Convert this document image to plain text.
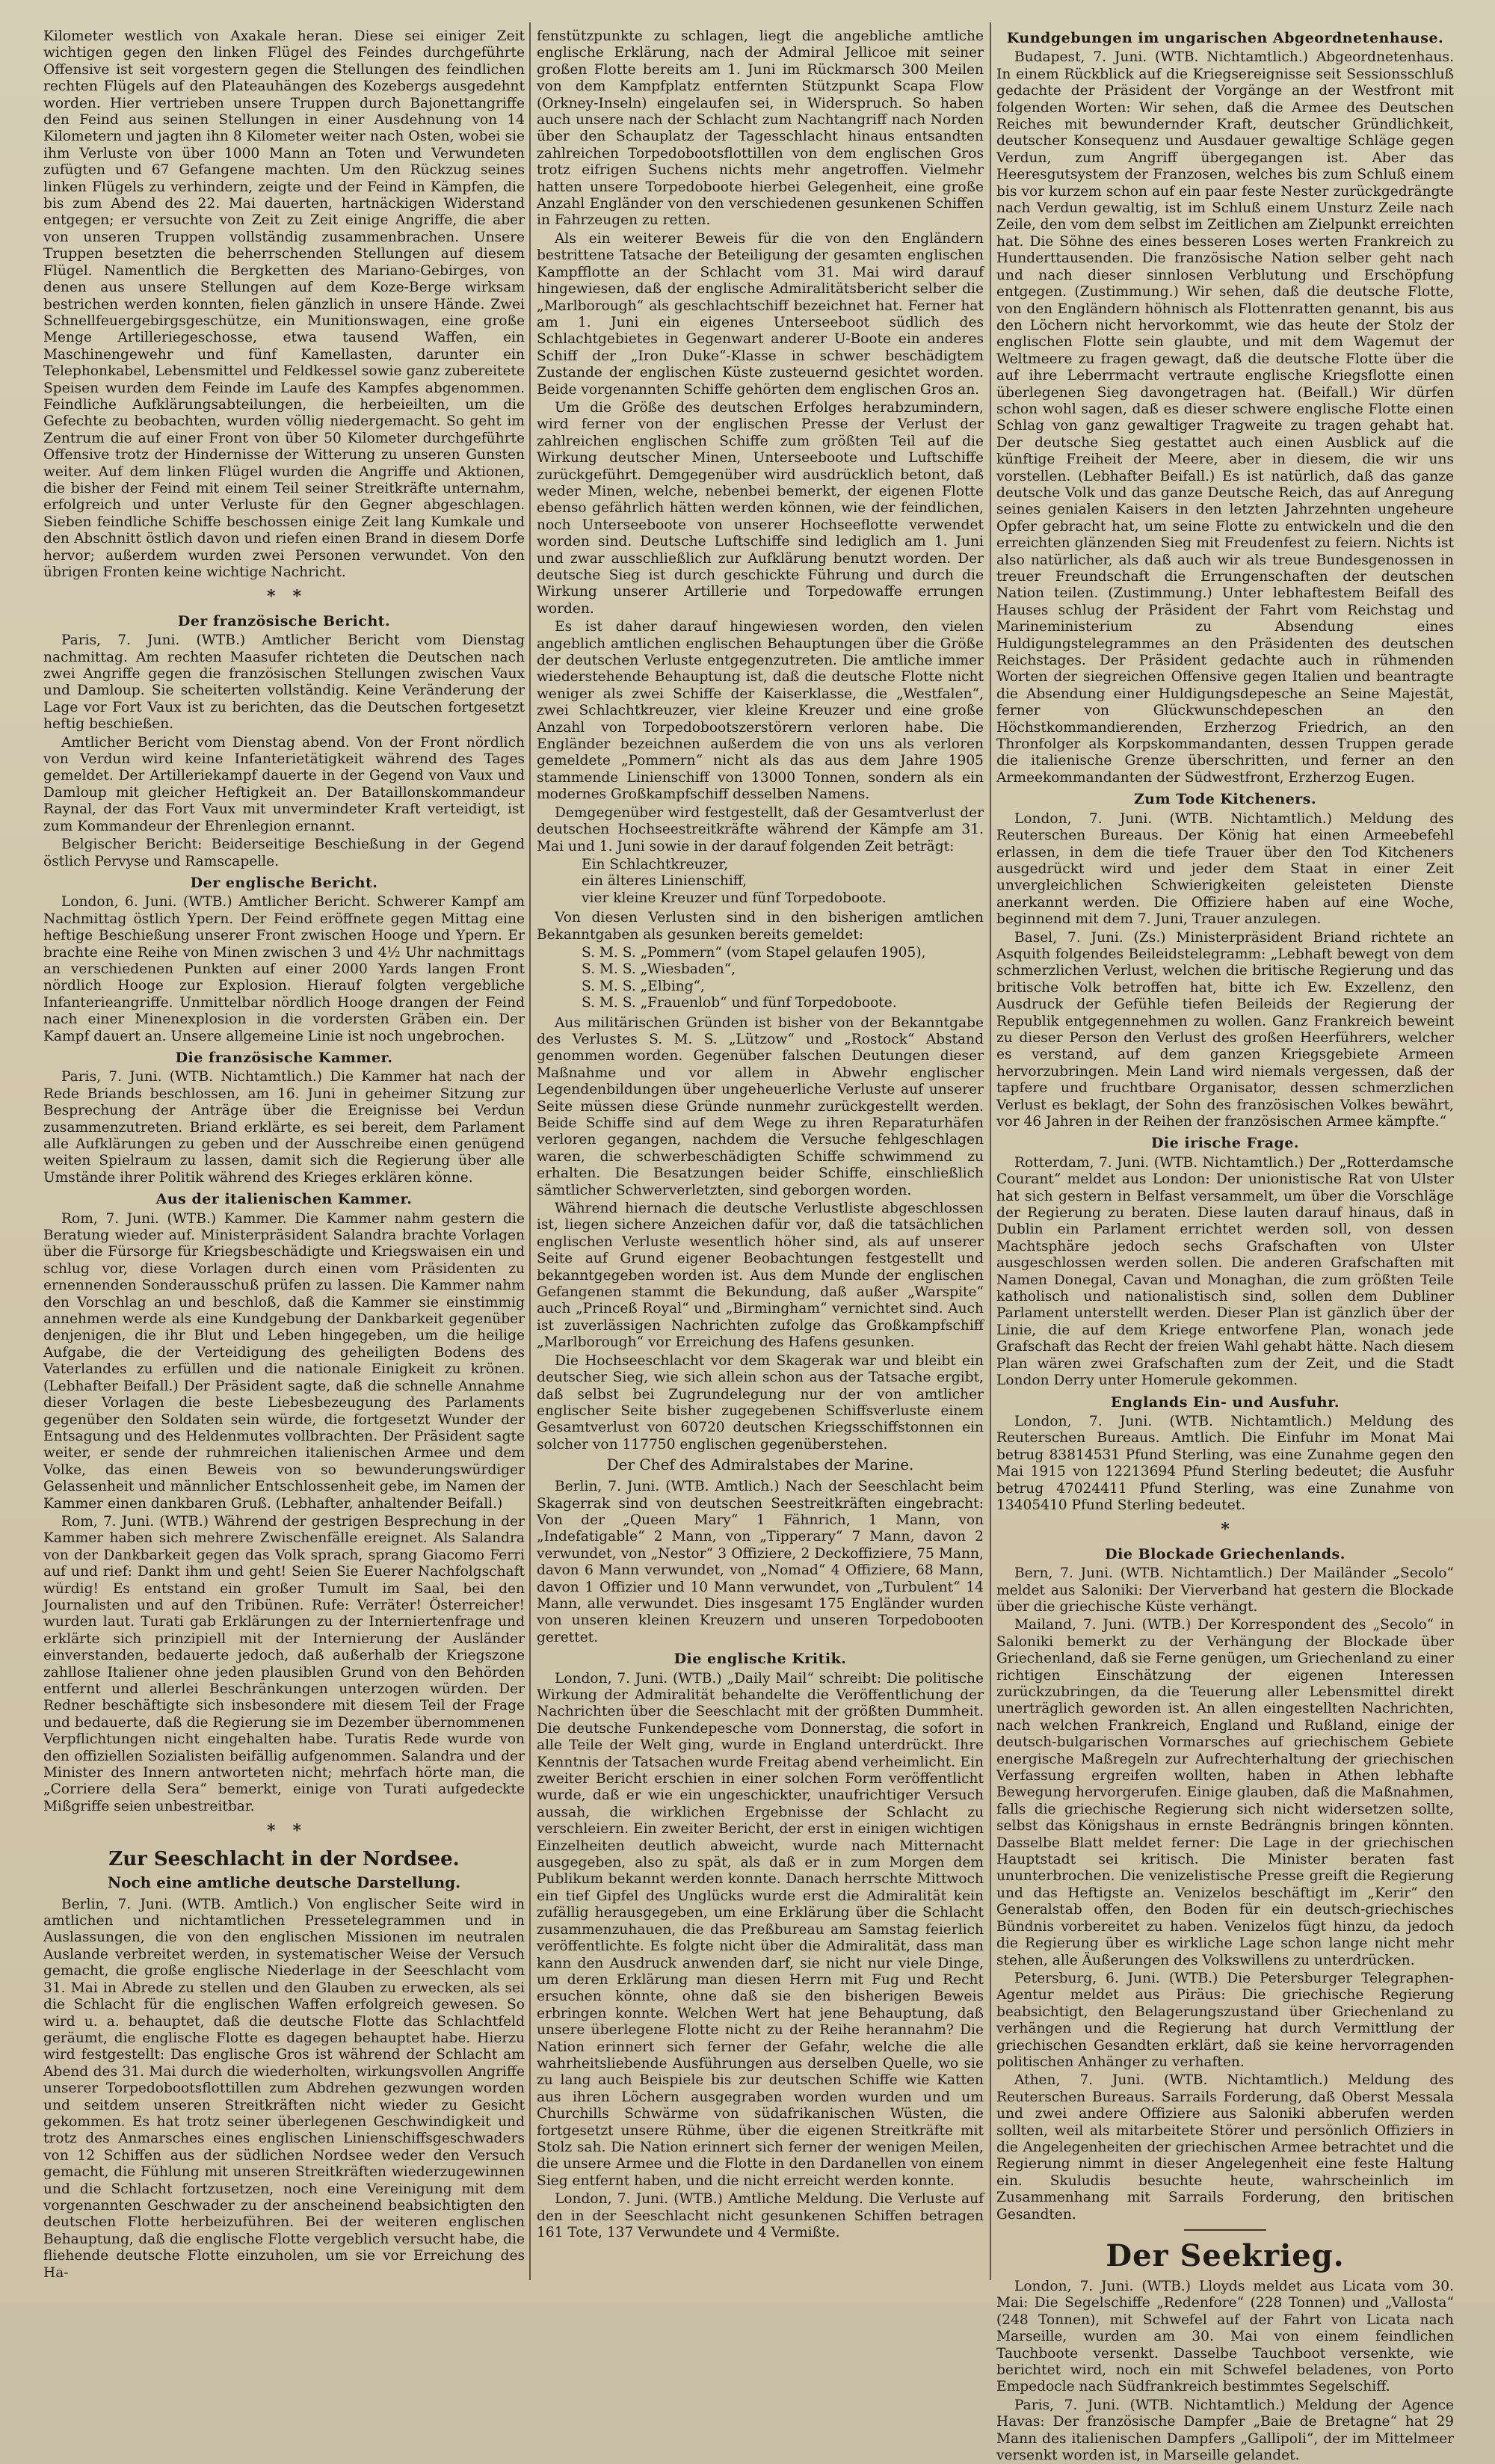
Kilometer westlich von Axakale heran. Diese sei einiger Zeit wichtigen gegen den linken Flügel des Feindes durchgeführte Offensive ist seit vorgestern gegen die Stellungen des feindlichen rechten Flügels auf den Plateauhängen des Kozebergs ausgedehnt worden. Hier vertrieben unsere Truppen durch Bajonettangriffe den Feind aus seinen Stellungen in einer Ausdehnung von 14 Kilometern und jagten ihn 8 Kilometer weiter nach Osten, wobei sie ihm Verluste von über 1000 Mann an Toten und Verwundeten zufügten und 67 Gefangene machten. Um den Rückzug seines linken Flügels zu verhindern, zeigte und der Feind in Kämpfen, die bis zum Abend des 22. Mai dauerten, hartnäckigen Widerstand entgegen; er versuchte von Zeit zu Zeit einige Angriffe, die aber von unseren Truppen vollständig zusammenbrachen. Unsere Truppen besetzten die beherrschenden Stellungen auf diesem Flügel. Namentlich die Bergketten des Mariano-Gebirges, von denen aus unsere Stellungen auf dem Koze-Berge wirksam bestrichen werden konnten, fielen gänzlich in unsere Hände. Zwei Schnellfeuergebirgsgeschütze, ein Munitionswagen, eine große Menge Artilleriegeschosse, etwa tausend Waffen, ein Maschinengewehr und fünf Kamellasten, darunter ein Telephonkabel, Lebensmittel und Feldkessel sowie ganz zubereitete Speisen wurden dem Feinde im Laufe des Kampfes abgenommen. Feindliche Aufklärungsabteilungen, die herbeieilten, um die Gefechte zu beobachten, wurden völlig niedergemacht. So geht im Zentrum die auf einer Front von über 50 Kilometer durchgeführte Offensive trotz der Hindernisse der Witterung zu unseren Gunsten weiter. Auf dem linken Flügel wurden die Angriffe und Aktionen, die bisher der Feind mit einem Teil seiner Streitkräfte unternahm, erfolgreich und unter Verluste für den Gegner abgeschlagen. Sieben feindliche Schiffe beschossen einige Zeit lang Kumkale und den Abschnitt östlich davon und riefen einen Brand in diesem Dorfe hervor; außerdem wurden zwei Personen verwundet. Von den übrigen Fronten keine wichtige Nachricht.

*   *
Der französische Bericht.

Paris, 7. Juni. (WTB.) Amtlicher Bericht vom Dienstag nachmittag. Am rechten Maasufer richteten die Deutschen nach zwei Angriffe gegen die französischen Stellungen zwischen Vaux und Damloup. Sie scheiterten vollständig. Keine Veränderung der Lage vor Fort Vaux ist zu berichten, das die Deutschen fortgesetzt heftig beschießen.

Amtlicher Bericht vom Dienstag abend. Von der Front nördlich von Verdun wird keine Infanterietätigkeit während des Tages gemeldet. Der Artilleriekampf dauerte in der Gegend von Vaux und Damloup mit gleicher Heftigkeit an. Der Bataillonskommandeur Raynal, der das Fort Vaux mit unvermindeter Kraft verteidigt, ist zum Kommandeur der Ehrenlegion ernannt.

Belgischer Bericht: Beiderseitige Beschießung in der Gegend östlich Pervyse und Ramscapelle.

Der englische Bericht.

London, 6. Juni. (WTB.) Amtlicher Bericht. Schwerer Kampf am Nachmittag östlich Ypern. Der Feind eröffnete gegen Mittag eine heftige Beschießung unserer Front zwischen Hooge und Ypern. Er brachte eine Reihe von Minen zwischen 3 und 4½ Uhr nachmittags an verschiedenen Punkten auf einer 2000 Yards langen Front nördlich Hooge zur Explosion. Hierauf folgten vergebliche Infanterieangriffe. Unmittelbar nördlich Hooge drangen der Feind nach einer Minenexplosion in die vordersten Gräben ein. Der Kampf dauert an. Unsere allgemeine Linie ist noch ungebrochen.

Die französische Kammer.

Paris, 7. Juni. (WTB. Nichtamtlich.) Die Kammer hat nach der Rede Briands beschlossen, am 16. Juni in geheimer Sitzung zur Besprechung der Anträge über die Ereignisse bei Verdun zusammenzutreten. Briand erklärte, es sei bereit, dem Parlament alle Aufklärungen zu geben und der Ausschreibe einen genügend weiten Spielraum zu lassen, damit sich die Regierung über alle Umstände ihrer Politik während des Krieges erklären könne.

Aus der italienischen Kammer.

Rom, 7. Juni. (WTB.) Kammer. Die Kammer nahm gestern die Beratung wieder auf. Ministerpräsident Salandra brachte Vorlagen über die Fürsorge für Kriegsbeschädigte und Kriegswaisen ein und schlug vor, diese Vorlagen durch einen vom Präsidenten zu ernennenden Sonderausschuß prüfen zu lassen. Die Kammer nahm den Vorschlag an und beschloß, daß die Kammer sie einstimmig annehmen werde als eine Kundgebung der Dankbarkeit gegenüber denjenigen, die ihr Blut und Leben hingegeben, um die heilige Aufgabe, die der Verteidigung des geheiligten Bodens des Vaterlandes zu erfüllen und die nationale Einigkeit zu krönen. (Lebhafter Beifall.) Der Präsident sagte, daß die schnelle Annahme dieser Vorlagen die beste Liebesbezeugung des Parlaments gegenüber den Soldaten sein würde, die fortgesetzt Wunder der Entsagung und des Heldenmutes vollbrachten. Der Präsident sagte weiter, er sende der ruhmreichen italienischen Armee und dem Volke, das einen Beweis von so bewunderungswürdiger Gelassenheit und männlicher Entschlossenheit gebe, im Namen der Kammer einen dankbaren Gruß. (Lebhafter, anhaltender Beifall.)

Rom, 7. Juni. (WTB.) Während der gestrigen Besprechung in der Kammer haben sich mehrere Zwischenfälle ereignet. Als Salandra von der Dankbarkeit gegen das Volk sprach, sprang Giacomo Ferri auf und rief: Dankt ihm und geht! Seien Sie Euerer Nachfolgschaft würdig! Es entstand ein großer Tumult im Saal, bei den Journalisten und auf den Tribünen. Rufe: Verräter! Österreicher! wurden laut. Turati gab Erklärungen zu der Interniertenfrage und erklärte sich prinzipiell mit der Internierung der Ausländer einverstanden, bedauerte jedoch, daß außerhalb der Kriegszone zahllose Italiener ohne jeden plausiblen Grund von den Behörden entfernt und allerlei Beschränkungen unterzogen würden. Der Redner beschäftigte sich insbesondere mit diesem Teil der Frage und bedauerte, daß die Regierung sie im Dezember übernommenen Verpflichtungen nicht eingehalten habe. Turatis Rede wurde von den offiziellen Sozialisten beifällig aufgenommen. Salandra und der Minister des Innern antworteten nicht; mehrfach hörte man, die „Corriere della Sera“ bemerkt, einige von Turati aufgedeckte Mißgriffe seien unbestreitbar.

*   *
Zur Seeschlacht in der Nordsee.
Noch eine amtliche deutsche Darstellung.

Berlin, 7. Juni. (WTB. Amtlich.) Von englischer Seite wird in amtlichen und nichtamtlichen Pressetelegrammen und in Auslassungen, die von den englischen Missionen im neutralen Auslande verbreitet werden, in systematischer Weise der Versuch gemacht, die große englische Niederlage in der Seeschlacht vom 31. Mai in Abrede zu stellen und den Glauben zu erwecken, als sei die Schlacht für die englischen Waffen erfolgreich gewesen. So wird u. a. behauptet, daß die deutsche Flotte das Schlachtfeld geräumt, die englische Flotte es dagegen behauptet habe. Hierzu wird festgestellt: Das englische Gros ist während der Schlacht am Abend des 31. Mai durch die wiederholten, wirkungsvollen Angriffe unserer Torpedobootsflottillen zum Abdrehen gezwungen worden und seitdem unseren Streitkräften nicht wieder zu Gesicht gekommen. Es hat trotz seiner überlegenen Geschwindigkeit und trotz des Anmarsches eines englischen Linienschiffsgeschwaders von 12 Schiffen aus der südlichen Nordsee weder den Versuch gemacht, die Fühlung mit unseren Streitkräften wiederzugewinnen und die Schlacht fortzusetzen, noch eine Vereinigung mit dem vorgenannten Geschwader zu der anscheinend beabsichtigten den deutschen Flotte herbeizuführen. Bei der weiteren englischen Behauptung, daß die englische Flotte vergeblich versucht habe, die fliehende deutsche Flotte einzuholen, um sie vor Erreichung des Ha-

fenstützpunkte zu schlagen, liegt die angebliche amtliche englische Erklärung, nach der Admiral Jellicoe mit seiner großen Flotte bereits am 1. Juni im Rückmarsch 300 Meilen von dem Kampfplatz entfernten Stützpunkt Scapa Flow (Orkney-Inseln) eingelaufen sei, in Widerspruch. So haben auch unsere nach der Schlacht zum Nachtangriff nach Norden über den Schauplatz der Tagesschlacht hinaus entsandten zahlreichen Torpedobootsflottillen von dem englischen Gros trotz eifrigen Suchens nichts mehr angetroffen. Vielmehr hatten unsere Torpedoboote hierbei Gelegenheit, eine große Anzahl Engländer von den verschiedenen gesunkenen Schiffen in Fahrzeugen zu retten.

Als ein weiterer Beweis für die von den Engländern bestrittene Tatsache der Beteiligung der gesamten englischen Kampfflotte an der Schlacht vom 31. Mai wird darauf hingewiesen, daß der englische Admiralitätsbericht selber die „Marlborough“ als geschlachtschiff bezeichnet hat. Ferner hat am 1. Juni ein eigenes Unterseeboot südlich des Schlachtgebietes in Gegenwart anderer U-Boote ein anderes Schiff der „Iron Duke“-Klasse in schwer beschädigtem Zustande der englischen Küste zusteuernd gesichtet worden. Beide vorgenannten Schiffe gehörten dem englischen Gros an.

Um die Größe des deutschen Erfolges herabzumindern, wird ferner von der englischen Presse der Verlust der zahlreichen englischen Schiffe zum größten Teil auf die Wirkung deutscher Minen, Unterseeboote und Luftschiffe zurückgeführt. Demgegenüber wird ausdrücklich betont, daß weder Minen, welche, nebenbei bemerkt, der eigenen Flotte ebenso gefährlich hätten werden können, wie der feindlichen, noch Unterseeboote von unserer Hochseeflotte verwendet worden sind. Deutsche Luftschiffe sind lediglich am 1. Juni und zwar ausschließlich zur Aufklärung benutzt worden. Der deutsche Sieg ist durch geschickte Führung und durch die Wirkung unserer Artillerie und Torpedowaffe errungen worden.

Es ist daher darauf hingewiesen worden, den vielen angeblich amtlichen englischen Behauptungen über die Größe der deutschen Verluste entgegenzutreten. Die amtliche immer wiederstehende Behauptung ist, daß die deutsche Flotte nicht weniger als zwei Schiffe der Kaiserklasse, die „Westfalen“, zwei Schlachtkreuzer, vier kleine Kreuzer und eine große Anzahl von Torpedobootszerstörern verloren habe. Die Engländer bezeichnen außerdem die von uns als verloren gemeldete „Pommern“ nicht als das aus dem Jahre 1905 stammende Linienschiff von 13000 Tonnen, sondern als ein modernes Großkampfschiff desselben Namens.

Demgegenüber wird festgestellt, daß der Gesamtverlust der deutschen Hochseestreitkräfte während der Kämpfe am 31. Mai und 1. Juni sowie in der darauf folgenden Zeit beträgt:

Ein Schlachtkreuzer,
ein älteres Linienschiff,
vier kleine Kreuzer und fünf Torpedoboote.

Von diesen Verlusten sind in den bisherigen amtlichen Bekanntgaben als gesunken bereits gemeldet:

S. M. S. „Pommern“ (vom Stapel gelaufen 1905),
S. M. S. „Wiesbaden“,
S. M. S. „Elbing“,
S. M. S. „Frauenlob“ und fünf Torpedoboote.

Aus militärischen Gründen ist bisher von der Bekanntgabe des Verlustes S. M. S. „Lützow“ und „Rostock“ Abstand genommen worden. Gegenüber falschen Deutungen dieser Maßnahme und vor allem in Abwehr englischer Legendenbildungen über ungeheuerliche Verluste auf unserer Seite müssen diese Gründe nunmehr zurückgestellt werden. Beide Schiffe sind auf dem Wege zu ihren Reparaturhäfen verloren gegangen, nachdem die Versuche fehlgeschlagen waren, die schwerbeschädigten Schiffe schwimmend zu erhalten. Die Besatzungen beider Schiffe, einschließlich sämtlicher Schwerverletzten, sind geborgen worden.

Während hiernach die deutsche Verlustliste abgeschlossen ist, liegen sichere Anzeichen dafür vor, daß die tatsächlichen englischen Verluste wesentlich höher sind, als auf unserer Seite auf Grund eigener Beobachtungen festgestellt und bekanntgegeben worden ist. Aus dem Munde der englischen Gefangenen stammt die Bekundung, daß außer „Warspite“ auch „Princeß Royal“ und „Birmingham“ vernichtet sind. Auch ist zuverlässigen Nachrichten zufolge das Großkampfschiff „Marlborough“ vor Erreichung des Hafens gesunken.

Die Hochseeschlacht vor dem Skagerak war und bleibt ein deutscher Sieg, wie sich allein schon aus der Tatsache ergibt, daß selbst bei Zugrundelegung nur der von amtlicher englischer Seite bisher zugegebenen Schiffsverluste einem Gesamtverlust von 60720 deutschen Kriegsschiffstonnen ein solcher von 117750 englischen gegenüberstehen.

Der Chef des Admiralstabes der Marine.

Berlin, 7. Juni. (WTB. Amtlich.) Nach der Seeschlacht beim Skagerrak sind von deutschen Seestreitkräften eingebracht: Von der „Queen Mary“ 1 Fähnrich, 1 Mann, von „Indefatigable“ 2 Mann, von „Tipperary“ 7 Mann, davon 2 verwundet, von „Nestor“ 3 Offiziere, 2 Deckoffiziere, 75 Mann, davon 6 Mann verwundet, von „Nomad“ 4 Offiziere, 68 Mann, davon 1 Offizier und 10 Mann verwundet, von „Turbulent“ 14 Mann, alle verwundet. Dies insgesamt 175 Engländer wurden von unseren kleinen Kreuzern und unseren Torpedobooten gerettet.

Die englische Kritik.

London, 7. Juni. (WTB.) „Daily Mail“ schreibt: Die politische Wirkung der Admiralität behandelte die Veröffentlichung der Nachrichten über die Seeschlacht mit der größten Dummheit. Die deutsche Funkendepesche vom Donnerstag, die sofort in alle Teile der Welt ging, wurde in England unterdrückt. Ihre Kenntnis der Tatsachen wurde Freitag abend verheimlicht. Ein zweiter Bericht erschien in einer solchen Form veröffentlicht wurde, daß er wie ein ungeschickter, unaufrichtiger Versuch aussah, die wirklichen Ergebnisse der Schlacht zu verschleiern. Ein zweiter Bericht, der erst in einigen wichtigen Einzelheiten deutlich abweicht, wurde nach Mitternacht ausgegeben, also zu spät, als daß er in zum Morgen dem Publikum bekannt werden konnte. Danach herrschte Mittwoch ein tief Gipfel des Unglücks wurde erst die Admiralität kein zufällig herausgegeben, um eine Erklärung über die Schlacht zusammenzuhauen, die das Preßbureau am Samstag feierlich veröffentlichte. Es folgte nicht über die Admiralität, dass man kann den Ausdruck anwenden darf, sie nicht nur viele Dinge, um deren Erklärung man diesen Herrn mit Fug und Recht ersuchen könnte, ohne daß sie den bisherigen Beweis erbringen konnte. Welchen Wert hat jene Behauptung, daß unsere überlegene Flotte nicht zu der Reihe herannahm? Die Nation erinnert sich ferner der Gefahr, welche die alle wahrheitsliebende Ausführungen aus derselben Quelle, wo sie zu lang auch Beispiele bis zur deutschen Schiffe wie Katten aus ihren Löchern ausgegraben worden wurden und um Churchills Schwärme von südafrikanischen Wüsten, die fortgesetzt unsere Rühme, über die eigenen Streitkräfte mit Stolz sah. Die Nation erinnert sich ferner der wenigen Meilen, die unsere Armee und die Flotte in den Dardanellen von einem Sieg entfernt haben, und die nicht erreicht werden konnte.

London, 7. Juni. (WTB.) Amtliche Meldung. Die Verluste auf den in der Seeschlacht nicht gesunkenen Schiffen betragen 161 Tote, 137 Verwundete und 4 Vermißte.

Kundgebungen im ungarischen Abgeordnetenhause.

Budapest, 7. Juni. (WTB. Nichtamtlich.) Abgeordnetenhaus. In einem Rückblick auf die Kriegsereignisse seit Sessionsschluß gedachte der Präsident der Vorgänge an der Westfront mit folgenden Worten: Wir sehen, daß die Armee des Deutschen Reiches mit bewundernder Kraft, deutscher Gründlichkeit, deutscher Konsequenz und Ausdauer gewaltige Schläge gegen Verdun, zum Angriff übergegangen ist. Aber das Heeresgutsystem der Franzosen, welches bis zum Schluß einem bis vor kurzem schon auf ein paar feste Nester zurückgedrängte nach Verdun gewaltig, ist im Schluß einem Unsturz Zeile nach Zeile, den vom dem selbst im Zeitlichen am Zielpunkt erreichten hat. Die Söhne des eines besseren Loses werten Frankreich zu Hunderttausenden. Die französische Nation selber geht nach und nach dieser sinnlosen Verblutung und Erschöpfung entgegen. (Zustimmung.) Wir sehen, daß die deutsche Flotte, von den Engländern höhnisch als Flottenratten genannt, bis aus den Löchern nicht hervorkommt, wie das heute der Stolz der englischen Flotte sein glaubte, und mit dem Wagemut der Weltmeere zu fragen gewagt, daß die deutsche Flotte über die auf ihre Leberrmacht vertraute englische Kriegsflotte einen überlegenen Sieg davongetragen hat. (Beifall.) Wir dürfen schon wohl sagen, daß es dieser schwere englische Flotte einen Schlag von ganz gewaltiger Tragweite zu tragen gehabt hat. Der deutsche Sieg gestattet auch einen Ausblick auf die künftige Freiheit der Meere, aber in diesem, die wir uns vorstellen. (Lebhafter Beifall.) Es ist natürlich, daß das ganze deutsche Volk und das ganze Deutsche Reich, das auf Anregung seines genialen Kaisers in den letzten Jahrzehnten ungeheure Opfer gebracht hat, um seine Flotte zu entwickeln und die den erreichten glänzenden Sieg mit Freudenfest zu feiern. Nichts ist also natürlicher, als daß auch wir als treue Bundesgenossen in treuer Freundschaft die Errungenschaften der deutschen Nation teilen. (Zustimmung.) Unter lebhaftestem Beifall des Hauses schlug der Präsident der Fahrt vom Reichstag und Marineministerium zu Absendung eines Huldigungstelegrammes an den Präsidenten des deutschen Reichstages. Der Präsident gedachte auch in rühmenden Worten der siegreichen Offensive gegen Italien und beantragte die Absendung einer Huldigungsdepesche an Seine Majestät, ferner von Glückwunschdepeschen an den Höchstkommandierenden, Erzherzog Friedrich, an den Thronfolger als Korpskommandanten, dessen Truppen gerade die italienische Grenze überschritten, und ferner an den Armeekommandanten der Südwestfront, Erzherzog Eugen.

Zum Tode Kitcheners.

London, 7. Juni. (WTB. Nichtamtlich.) Meldung des Reuterschen Bureaus. Der König hat einen Armeebefehl erlassen, in dem die tiefe Trauer über den Tod Kitcheners ausgedrückt wird und jeder dem Staat in einer Zeit unvergleichlichen Schwierigkeiten geleisteten Dienste anerkannt werden. Die Offiziere haben auf eine Woche, beginnend mit dem 7. Juni, Trauer anzulegen.

Basel, 7. Juni. (Zs.) Ministerpräsident Briand richtete an Asquith folgendes Beileidstelegramm: „Lebhaft bewegt von dem schmerzlichen Verlust, welchen die britische Regierung und das britische Volk betroffen hat, bitte ich Ew. Exzellenz, den Ausdruck der Gefühle tiefen Beileids der Regierung der Republik entgegennehmen zu wollen. Ganz Frankreich beweint zu dieser Person den Verlust des großen Heerführers, welcher es verstand, auf dem ganzen Kriegsgebiete Armeen hervorzubringen. Mein Land wird niemals vergessen, daß der tapfere und fruchtbare Organisator, dessen schmerzlichen Verlust es beklagt, der Sohn des französischen Volkes bewährt, vor 46 Jahren in der Reihen der französischen Armee kämpfte.“

Die irische Frage.

Rotterdam, 7. Juni. (WTB. Nichtamtlich.) Der „Rotterdamsche Courant“ meldet aus London: Der unionistische Rat von Ulster hat sich gestern in Belfast versammelt, um über die Vorschläge der Regierung zu beraten. Diese lauten darauf hinaus, daß in Dublin ein Parlament errichtet werden soll, von dessen Machtsphäre jedoch sechs Grafschaften von Ulster ausgeschlossen werden sollen. Die anderen Grafschaften mit Namen Donegal, Cavan und Monaghan, die zum größten Teile katholisch und nationalistisch sind, sollen dem Dubliner Parlament unterstellt werden. Dieser Plan ist gänzlich über der Linie, die auf dem Kriege entworfene Plan, wonach jede Grafschaft das Recht der freien Wahl gehabt hätte. Nach diesem Plan wären zwei Grafschaften zum der Zeit, und die Stadt London Derry unter Homerule gekommen.

Englands Ein- und Ausfuhr.

London, 7. Juni. (WTB. Nichtamtlich.) Meldung des Reuterschen Bureaus. Amtlich. Die Einfuhr im Monat Mai betrug 83814531 Pfund Sterling, was eine Zunahme gegen den Mai 1915 von 12213694 Pfund Sterling bedeutet; die Ausfuhr betrug 47024411 Pfund Sterling, was eine Zunahme von 13405410 Pfund Sterling bedeutet.

*
Die Blockade Griechenlands.

Bern, 7. Juni. (WTB. Nichtamtlich.) Der Mailänder „Secolo“ meldet aus Saloniki: Der Vierverband hat gestern die Blockade über die griechische Küste verhängt.

Mailand, 7. Juni. (WTB.) Der Korrespondent des „Secolo“ in Saloniki bemerkt zu der Verhängung der Blockade über Griechenland, daß sie Ferne genügen, um Griechenland zu einer richtigen Einschätzung der eigenen Interessen zurückzubringen, da die Teuerung aller Lebensmittel direkt unerträglich geworden ist. An allen eingestellten Nachrichten, nach welchen Frankreich, England und Rußland, einige der deutsch-bulgarischen Vormarsches auf griechischem Gebiete energische Maßregeln zur Aufrechterhaltung der griechischen Verfassung ergreifen wollten, haben in Athen lebhafte Bewegung hervorgerufen. Einige glauben, daß die Maßnahmen, falls die griechische Regierung sich nicht widersetzen sollte, selbst das Königshaus in ernste Bedrängnis bringen könnten. Dasselbe Blatt meldet ferner: Die Lage in der griechischen Hauptstadt sei kritisch. Die Minister beraten fast ununterbrochen. Die venizelistische Presse greift die Regierung und das Heftigste an. Venizelos beschäftigt im „Kerir“ den Generalstab offen, den Boden für ein deutsch-griechisches Bündnis vorbereitet zu haben. Venizelos fügt hinzu, da jedoch die Regierung über es wirkliche Lage schon lange nicht mehr stehen, alle Äußerungen des Volkswillens zu unterdrücken.

Petersburg, 6. Juni. (WTB.) Die Petersburger Telegraphen-Agentur meldet aus Piräus: Die griechische Regierung beabsichtigt, den Belagerungszustand über Griechenland zu verhängen und die Regierung hat durch Vermittlung der griechischen Gesandten erklärt, daß sie keine hervorragenden politischen Anhänger zu verhaften.

Athen, 7. Juni. (WTB. Nichtamtlich.) Meldung des Reuterschen Bureaus. Sarrails Forderung, daß Oberst Messala und zwei andere Offiziere aus Saloniki abberufen werden sollten, weil als mitarbeitete Störer und persönlich Offiziers in die Angelegenheiten der griechischen Armee betrachtet und die Regierung nimmt in dieser Angelegenheit eine feste Haltung ein. Skuludis besuchte heute, wahrscheinlich im Zusammenhang mit Sarrails Forderung, den britischen Gesandten.

Der Seekrieg.

London, 7. Juni. (WTB.) Lloyds meldet aus Licata vom 30. Mai: Die Segelschiffe „Redenfore“ (228 Tonnen) und „Vallosta“ (248 Tonnen), mit Schwefel auf der Fahrt von Licata nach Marseille, wurden am 30. Mai von einem feindlichen Tauchboote versenkt. Dasselbe Tauchboot versenkte, wie berichtet wird, noch ein mit Schwefel beladenes, von Porto Empedocle nach Südfrankreich bestimmtes Segelschiff.

Paris, 7. Juni. (WTB. Nichtamtlich.) Meldung der Agence Havas: Der französische Dampfer „Baie de Bretagne“ hat 29 Mann des italienischen Dampfers „Gallipoli“, der im Mittelmeer versenkt worden ist, in Marseille gelandet.
